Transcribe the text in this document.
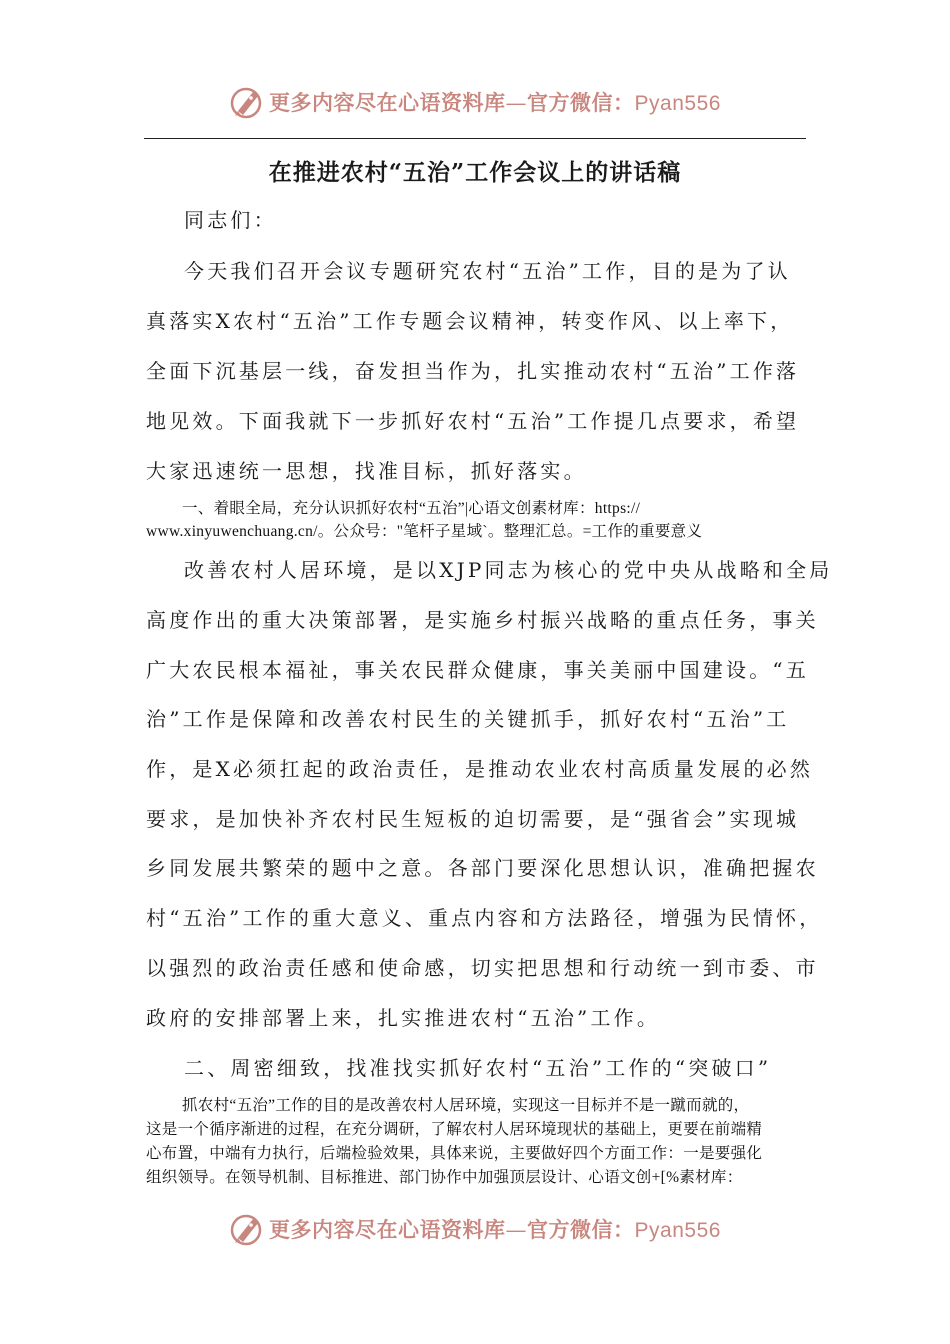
更多内容尽在心语资料库—官方微信：Pyan556
在推进农村“五治”工作会议上的讲话稿
同志们：
今天我们召开会议专题研究农村“五治”工作，目的是为了认
真落实X农村“五治”工作专题会议精神，转变作风、以上率下，
全面下沉基层一线，奋发担当作为，扎实推动农村“五治”工作落
地见效。下面我就下一步抓好农村“五治”工作提几点要求，希望
大家迅速统一思想，找准目标，抓好落实。
一、着眼全局，充分认识抓好农村“五治”|心语文创素材库：https://
www.xinyuwenchuang.cn/。公众号："笔杆子星域`。整理汇总。=工作的重要意义
改善农村人居环境，是以XJP同志为核心的党中央从战略和全局
高度作出的重大决策部署，是实施乡村振兴战略的重点任务，事关
广大农民根本福祉，事关农民群众健康，事关美丽中国建设。“五
治”工作是保障和改善农村民生的关键抓手，抓好农村“五治”工
作，是X必须扛起的政治责任，是推动农业农村高质量发展的必然
要求，是加快补齐农村民生短板的迫切需要，是“强省会”实现城
乡同发展共繁荣的题中之意。各部门要深化思想认识，准确把握农
村“五治”工作的重大意义、重点内容和方法路径，增强为民情怀，
以强烈的政治责任感和使命感，切实把思想和行动统一到市委、市
政府的安排部署上来，扎实推进农村“五治”工作。
二、周密细致，找准找实抓好农村“五治”工作的“突破口”
抓农村“五治”工作的目的是改善农村人居环境，实现这一目标并不是一蹴而就的，
这是一个循序渐进的过程，在充分调研，了解农村人居环境现状的基础上，更要在前端精
心布置，中端有力执行，后端检验效果，具体来说，主要做好四个方面工作：一是要强化
组织领导。在领导机制、目标推进、部门协作中加强顶层设计、心语文创+[%素材库：
更多内容尽在心语资料库—官方微信：Pyan556
